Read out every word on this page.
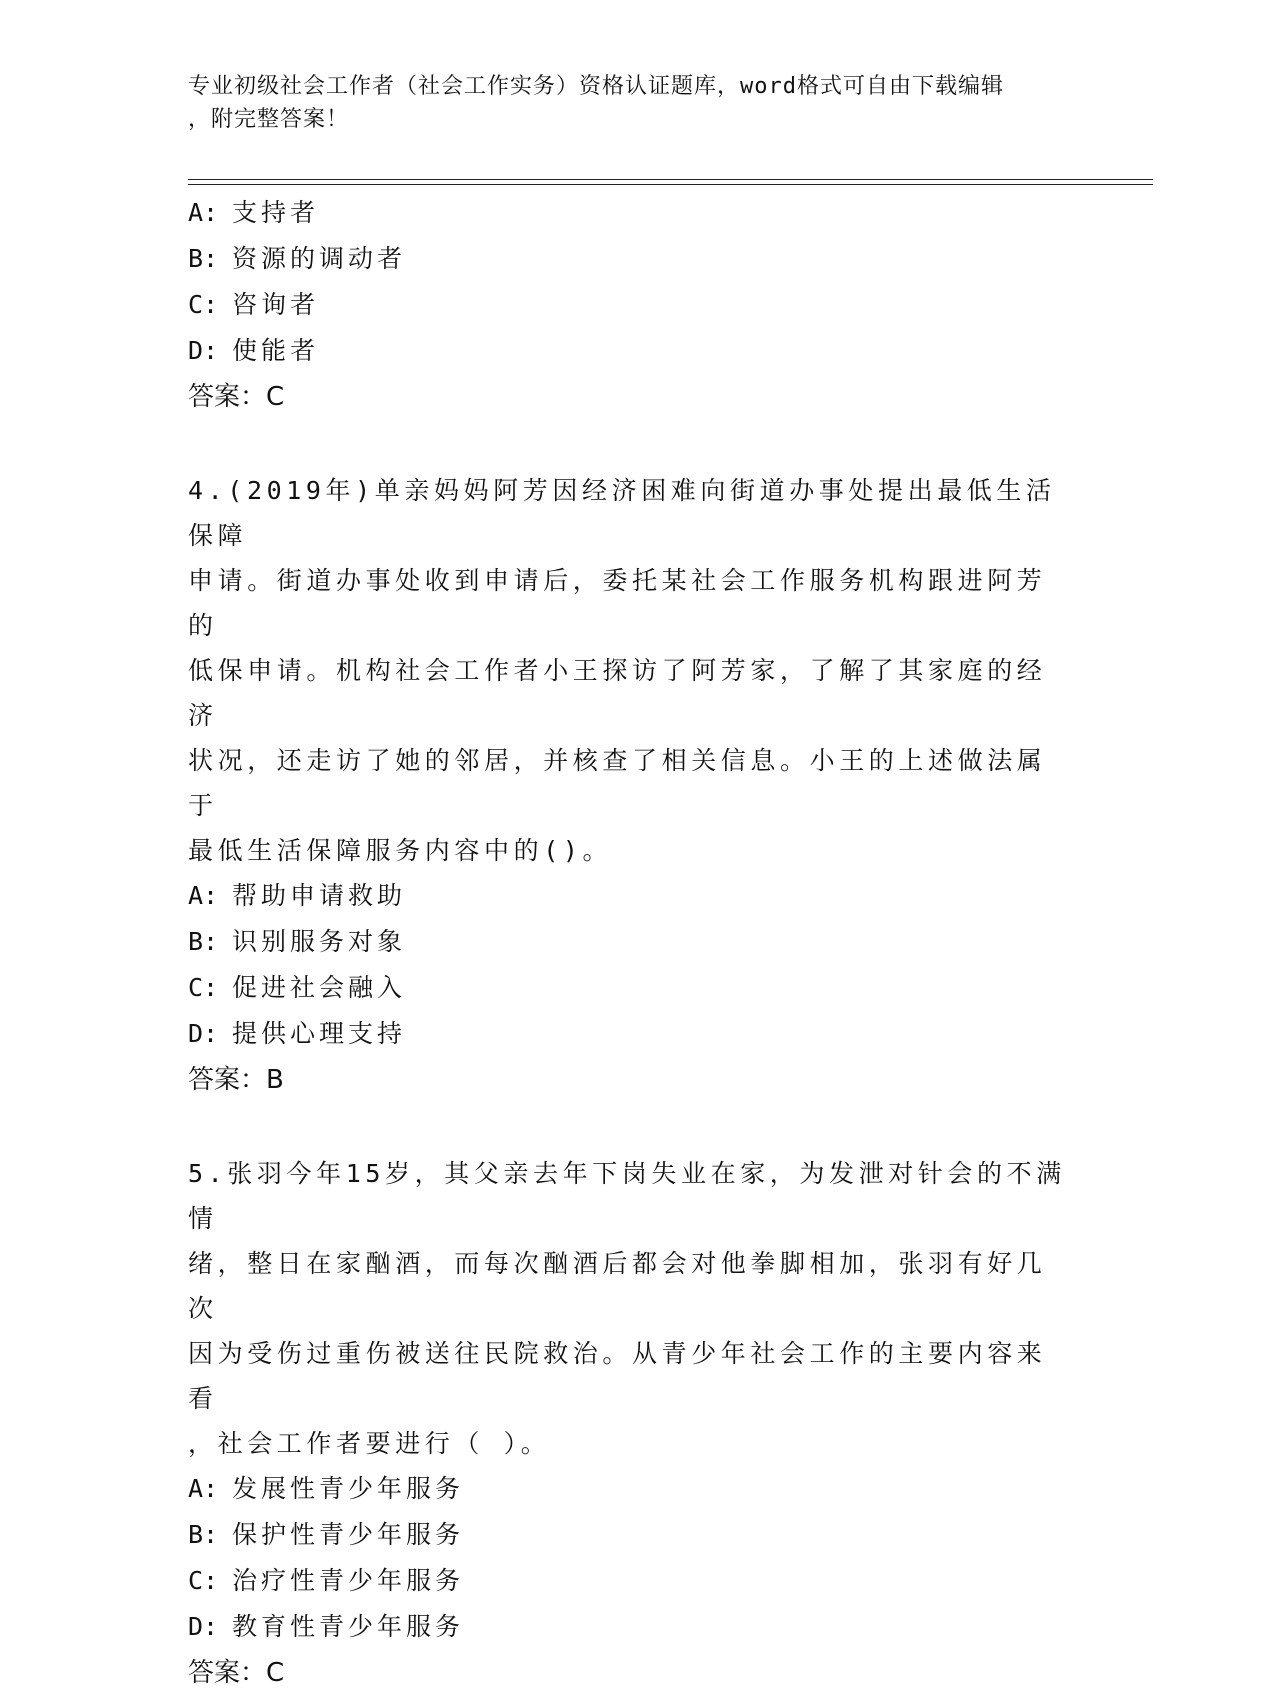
专业初级社会工作者（社会工作实务）资格认证题库，word格式可自由下载编辑
，附完整答案！
A: 支持者
B: 资源的调动者
C: 咨询者
D: 使能者
答案：C
4.(2019年)单亲妈妈阿芳因经济困难向街道办事处提出最低生活保障
申请。街道办事处收到申请后，委托某社会工作服务机构跟进阿芳的
低保申请。机构社会工作者小王探访了阿芳家，了解了其家庭的经济
状况，还走访了她的邻居，并核查了相关信息。小王的上述做法属于
最低生活保障服务内容中的()。
A: 帮助申请救助
B: 识别服务对象
C: 促进社会融入
D: 提供心理支持
答案：B
5.张羽今年15岁，其父亲去年下岗失业在家，为发泄对针会的不满情
绪，整日在家酗酒，而每次酗酒后都会对他拳脚相加，张羽有好几次
因为受伤过重伤被送往民院救治。从青少年社会工作的主要内容来看
，社会工作者要进行（ ）。
A: 发展性青少年服务
B: 保护性青少年服务
C: 治疗性青少年服务
D: 教育性青少年服务
答案：C
